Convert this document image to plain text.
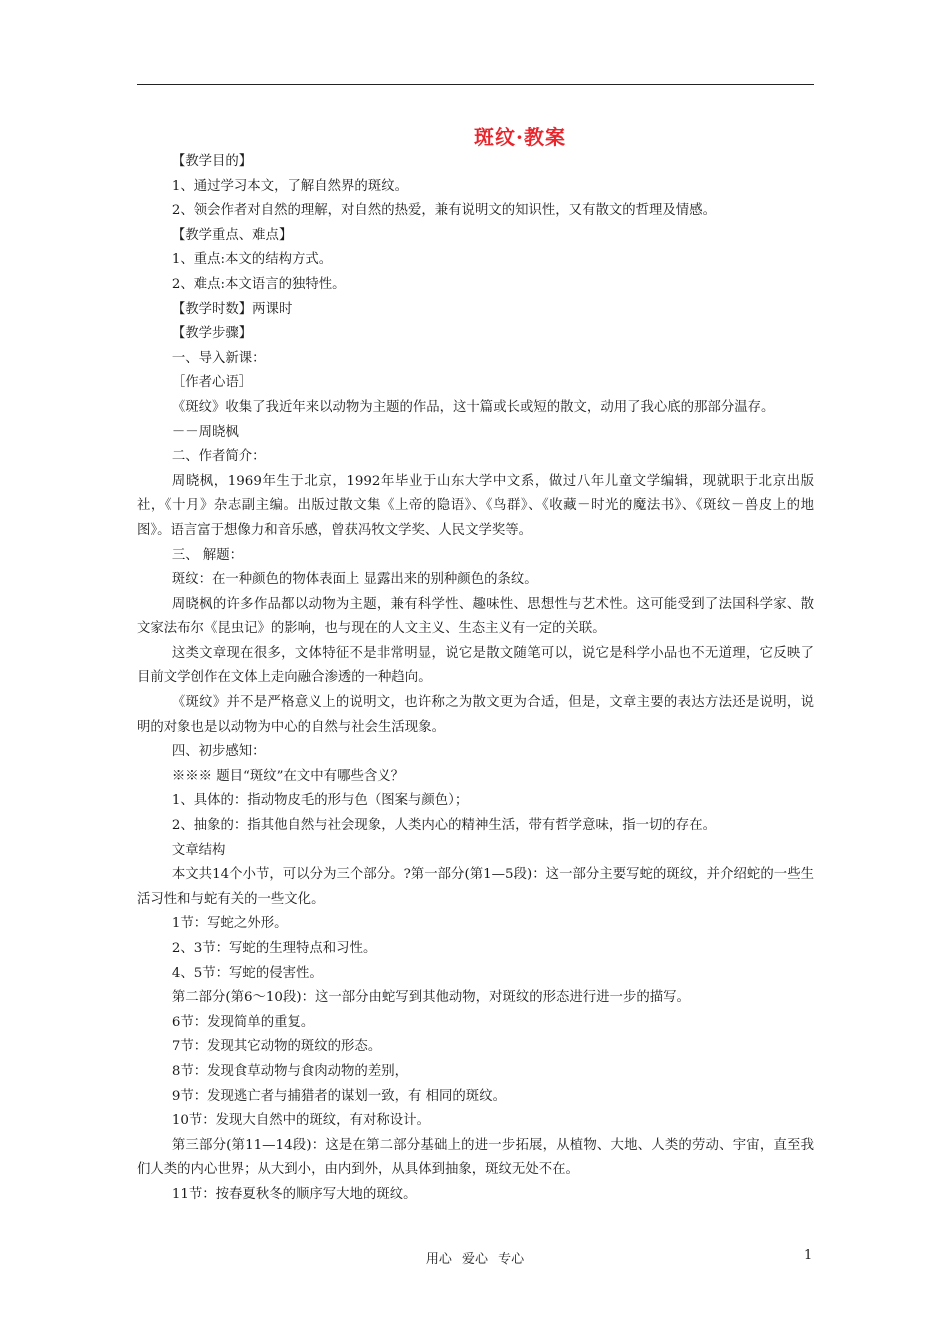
斑纹·教案

【教学目的】

1、通过学习本文，了解自然界的斑纹。

2、领会作者对自然的理解，对自然的热爱，兼有说明文的知识性，又有散文的哲理及情感。

【教学重点、难点】

1、重点:本文的结构方式。

2、难点:本文语言的独特性。

【教学时数】两课时

【教学步骤】

一、导入新课：

［作者心语］

《斑纹》收集了我近年来以动物为主题的作品，这十篇或长或短的散文，动用了我心底的那部分温存。

－－周晓枫

二、作者简介：

周晓枫，1969年生于北京，1992年毕业于山东大学中文系，做过八年儿童文学编辑，现就职于北京出版社，《十月》杂志副主编。出版过散文集《上帝的隐语》、《鸟群》、《收藏－时光的魔法书》、《斑纹－兽皮上的地图》。语言富于想像力和音乐感，曾获冯牧文学奖、人民文学奖等。

三、 解题：

斑纹：在一种颜色的物体表面上 显露出来的别种颜色的条纹。

周晓枫的许多作品都以动物为主题，兼有科学性、趣味性、思想性与艺术性。这可能受到了法国科学家、散文家法布尔《昆虫记》的影响，也与现在的人文主义、生态主义有一定的关联。

这类文章现在很多，文体特征不是非常明显，说它是散文随笔可以，说它是科学小品也不无道理，它反映了目前文学创作在文体上走向融合渗透的一种趋向。

《斑纹》并不是严格意义上的说明文，也许称之为散文更为合适，但是，文章主要的表达方法还是说明，说明的对象也是以动物为中心的自然与社会生活现象。

四、初步感知：

※※※ 题目“斑纹”在文中有哪些含义？

1、具体的：指动物皮毛的形与色（图案与颜色）；

2、抽象的：指其他自然与社会现象，人类内心的精神生活，带有哲学意味，指一切的存在。

文章结构

本文共14个小节，可以分为三个部分。?第一部分(第1—5段)：这一部分主要写蛇的斑纹，并介绍蛇的一些生活习性和与蛇有关的一些文化。

1节：写蛇之外形。

2、3节：写蛇的生理特点和习性。

4、5节：写蛇的侵害性。

第二部分(第6～10段)：这一部分由蛇写到其他动物，对斑纹的形态进行进一步的描写。

6节：发现简单的重复。

7节：发现其它动物的斑纹的形态。

8节：发现食草动物与食肉动物的差别，

9节：发现逃亡者与捕猎者的谋划一致，有 相同的斑纹。

10节：发现大自然中的斑纹，有对称设计。

第三部分(第11—14段)：这是在第二部分基础上的进一步拓展，从植物、大地、人类的劳动、宇宙，直至我们人类的内心世界；从大到小，由内到外，从具体到抽象，斑纹无处不在。

11节：按春夏秋冬的顺序写大地的斑纹。

用心 爱心 专心	1
